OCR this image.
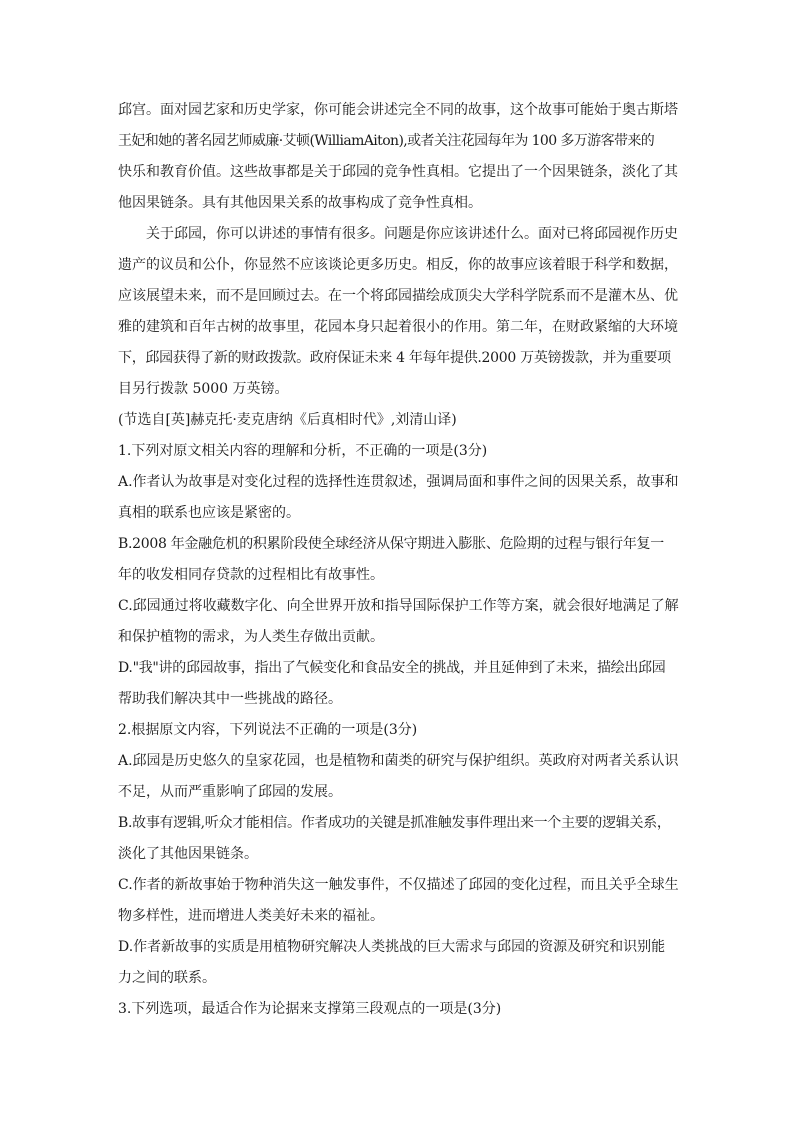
邱宫。面对园艺家和历史学家，你可能会讲述完全不同的故事，这个故事可能始于奥古斯塔
王妃和她的著名园艺师威廉·艾顿(WilliamAiton),或者关注花园每年为 100 多万游客带来的
快乐和教育价值。这些故事都是关于邱园的竞争性真相。它提出了一个因果链条，淡化了其
他因果链条。具有其他因果关系的故事构成了竞争性真相。
关于邱园，你可以讲述的事情有很多。问题是你应该讲述什么。面对已将邱园视作历史
遗产的议员和公仆，你显然不应该谈论更多历史。相反，你的故事应该着眼于科学和数据，
应该展望未来，而不是回顾过去。在一个将邱园描绘成顶尖大学科学院系而不是灌木丛、优
雅的建筑和百年古树的故事里，花园本身只起着很小的作用。第二年，在财政紧缩的大环境
下，邱园获得了新的财政拨款。政府保证未来 4 年每年提供.2000 万英镑拨款，并为重要项
目另行拨款 5000 万英镑。
(节选自[英]赫克托·麦克唐纳《后真相时代》,刘清山译)
1.下列对原文相关内容的理解和分析，不正确的一项是(3分)
A.作者认为故事是对变化过程的选择性连贯叙述，强调局面和事件之间的因果关系，故事和
真相的联系也应该是紧密的。
B.2008 年金融危机的积累阶段使全球经济从保守期进入膨胀、危险期的过程与银行年复一
年的收发相同存贷款的过程相比有故事性。
C.邱园通过将收藏数字化、向全世界开放和指导国际保护工作等方案，就会很好地满足了解
和保护植物的需求，为人类生存做出贡献。
D."我"讲的邱园故事，指出了气候变化和食品安全的挑战，并且延伸到了未来，描绘出邱园
帮助我们解决其中一些挑战的路径。
2.根据原文内容，下列说法不正确的一项是(3分)
A.邱园是历史悠久的皇家花园，也是植物和菌类的研究与保护组织。英政府对两者关系认识
不足，从而严重影响了邱园的发展。
B.故事有逻辑,听众才能相信。作者成功的关键是抓准触发事件理出来一个主要的逻辑关系，
淡化了其他因果链条。
C.作者的新故事始于物种消失这一触发事件，不仅描述了邱园的变化过程，而且关乎全球生
物多样性，进而增进人类美好未来的福祉。
D.作者新故事的实质是用植物研究解决人类挑战的巨大需求与邱园的资源及研究和识别能
力之间的联系。
3.下列选项，最适合作为论据来支撑第三段观点的一项是(3分)
